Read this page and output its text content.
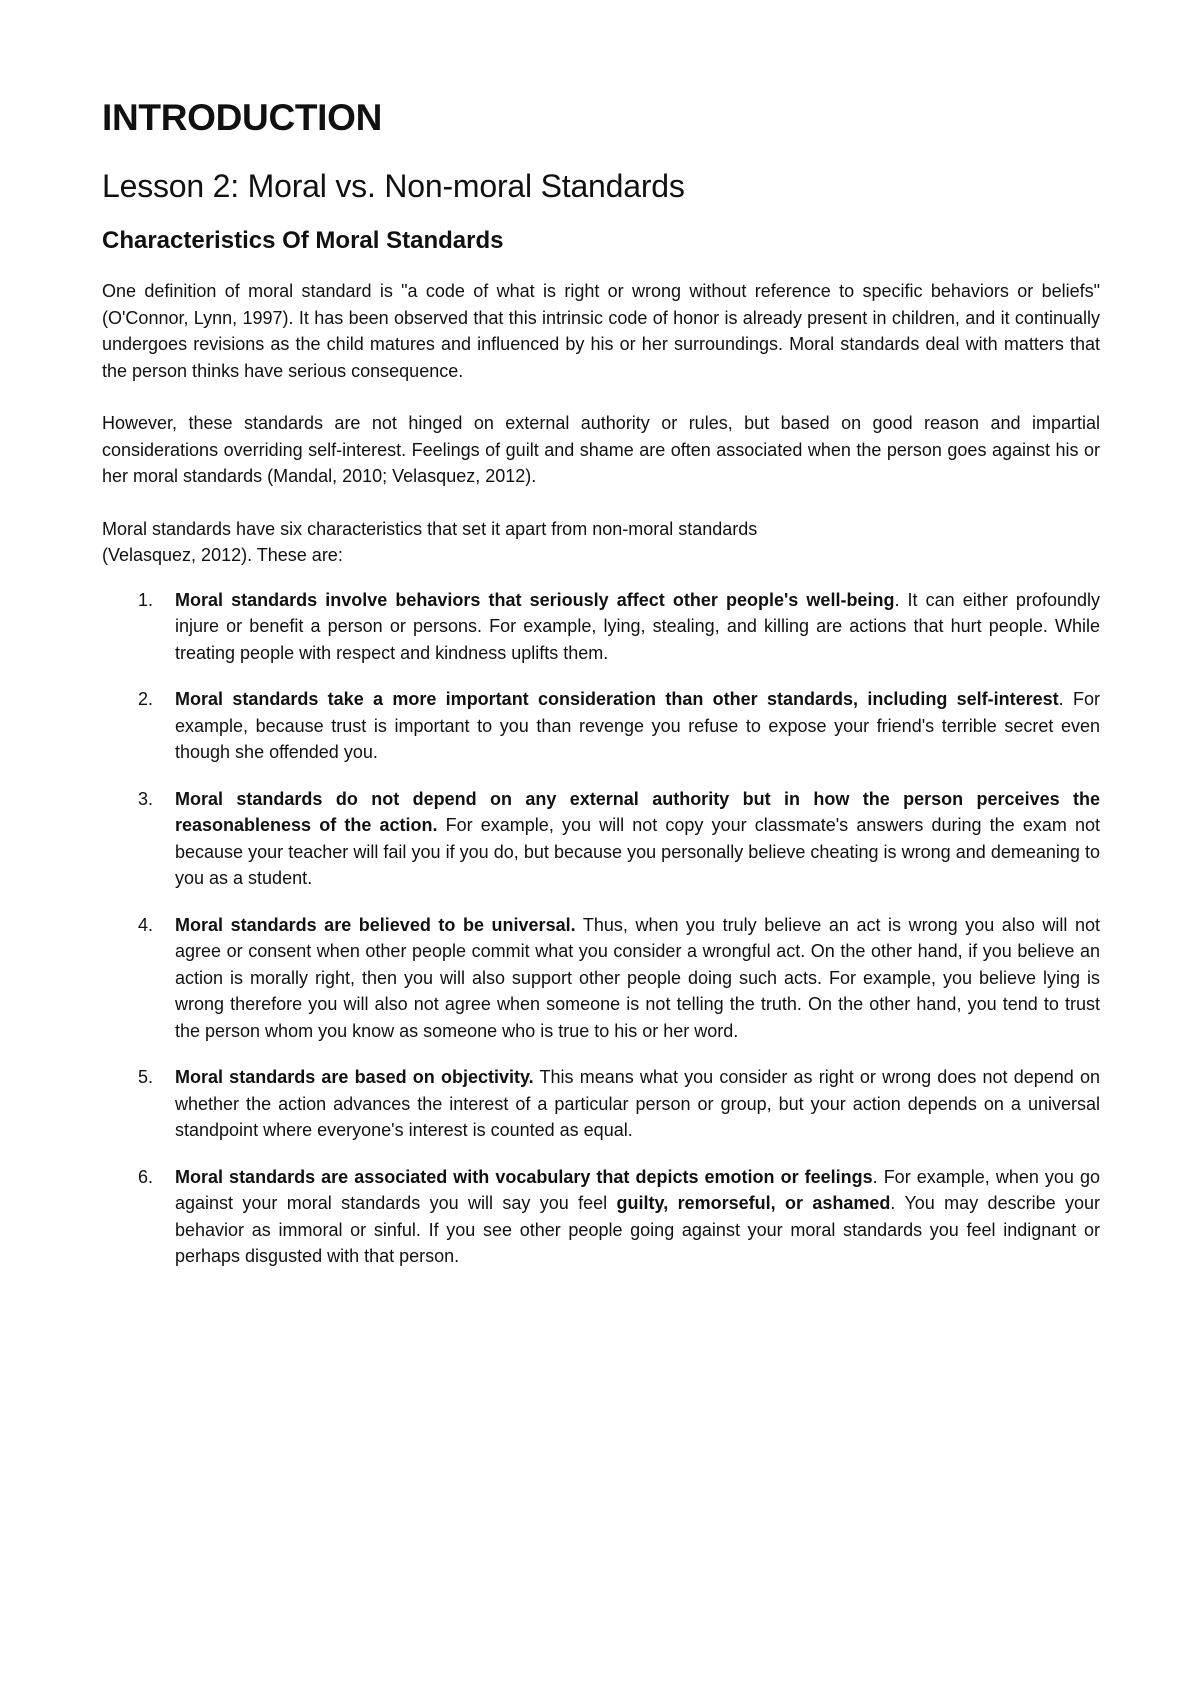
INTRODUCTION
Lesson 2: Moral vs. Non-moral Standards
Characteristics Of Moral Standards

One definition of moral standard is "a code of what is right or wrong without reference to specific behaviors or beliefs" (O'Connor, Lynn, 1997). It has been observed that this intrinsic code of honor is already present in children, and it continually undergoes revisions as the child matures and influenced by his or her surroundings. Moral standards deal with matters that the person thinks have serious consequence.

However, these standards are not hinged on external authority or rules, but based on good reason and impartial considerations overriding self-interest. Feelings of guilt and shame are often associated when the person goes against his or her moral standards (Mandal, 2010; Velasquez, 2012).

Moral standards have six characteristics that set it apart from non-moral standards
(Velasquez, 2012). These are:

1. Moral standards involve behaviors that seriously affect other people's well-being. It can either profoundly injure or benefit a person or persons. For example, lying, stealing, and killing are actions that hurt people. While treating people with respect and kindness uplifts them.
2. Moral standards take a more important consideration than other standards, including self-interest. For example, because trust is important to you than revenge you refuse to expose your friend's terrible secret even though she offended you.
3. Moral standards do not depend on any external authority but in how the person perceives the reasonableness of the action. For example, you will not copy your classmate's answers during the exam not because your teacher will fail you if you do, but because you personally believe cheating is wrong and demeaning to you as a student.
4. Moral standards are believed to be universal. Thus, when you truly believe an act is wrong you also will not agree or consent when other people commit what you consider a wrongful act. On the other hand, if you believe an action is morally right, then you will also support other people doing such acts. For example, you believe lying is wrong therefore you will also not agree when someone is not telling the truth. On the other hand, you tend to trust the person whom you know as someone who is true to his or her word.
5. Moral standards are based on objectivity. This means what you consider as right or wrong does not depend on whether the action advances the interest of a particular person or group, but your action depends on a universal standpoint where everyone's interest is counted as equal.
6. Moral standards are associated with vocabulary that depicts emotion or feelings. For example, when you go against your moral standards you will say you feel guilty, remorseful, or ashamed. You may describe your behavior as immoral or sinful. If you see other people going against your moral standards you feel indignant or perhaps disgusted with that person.
